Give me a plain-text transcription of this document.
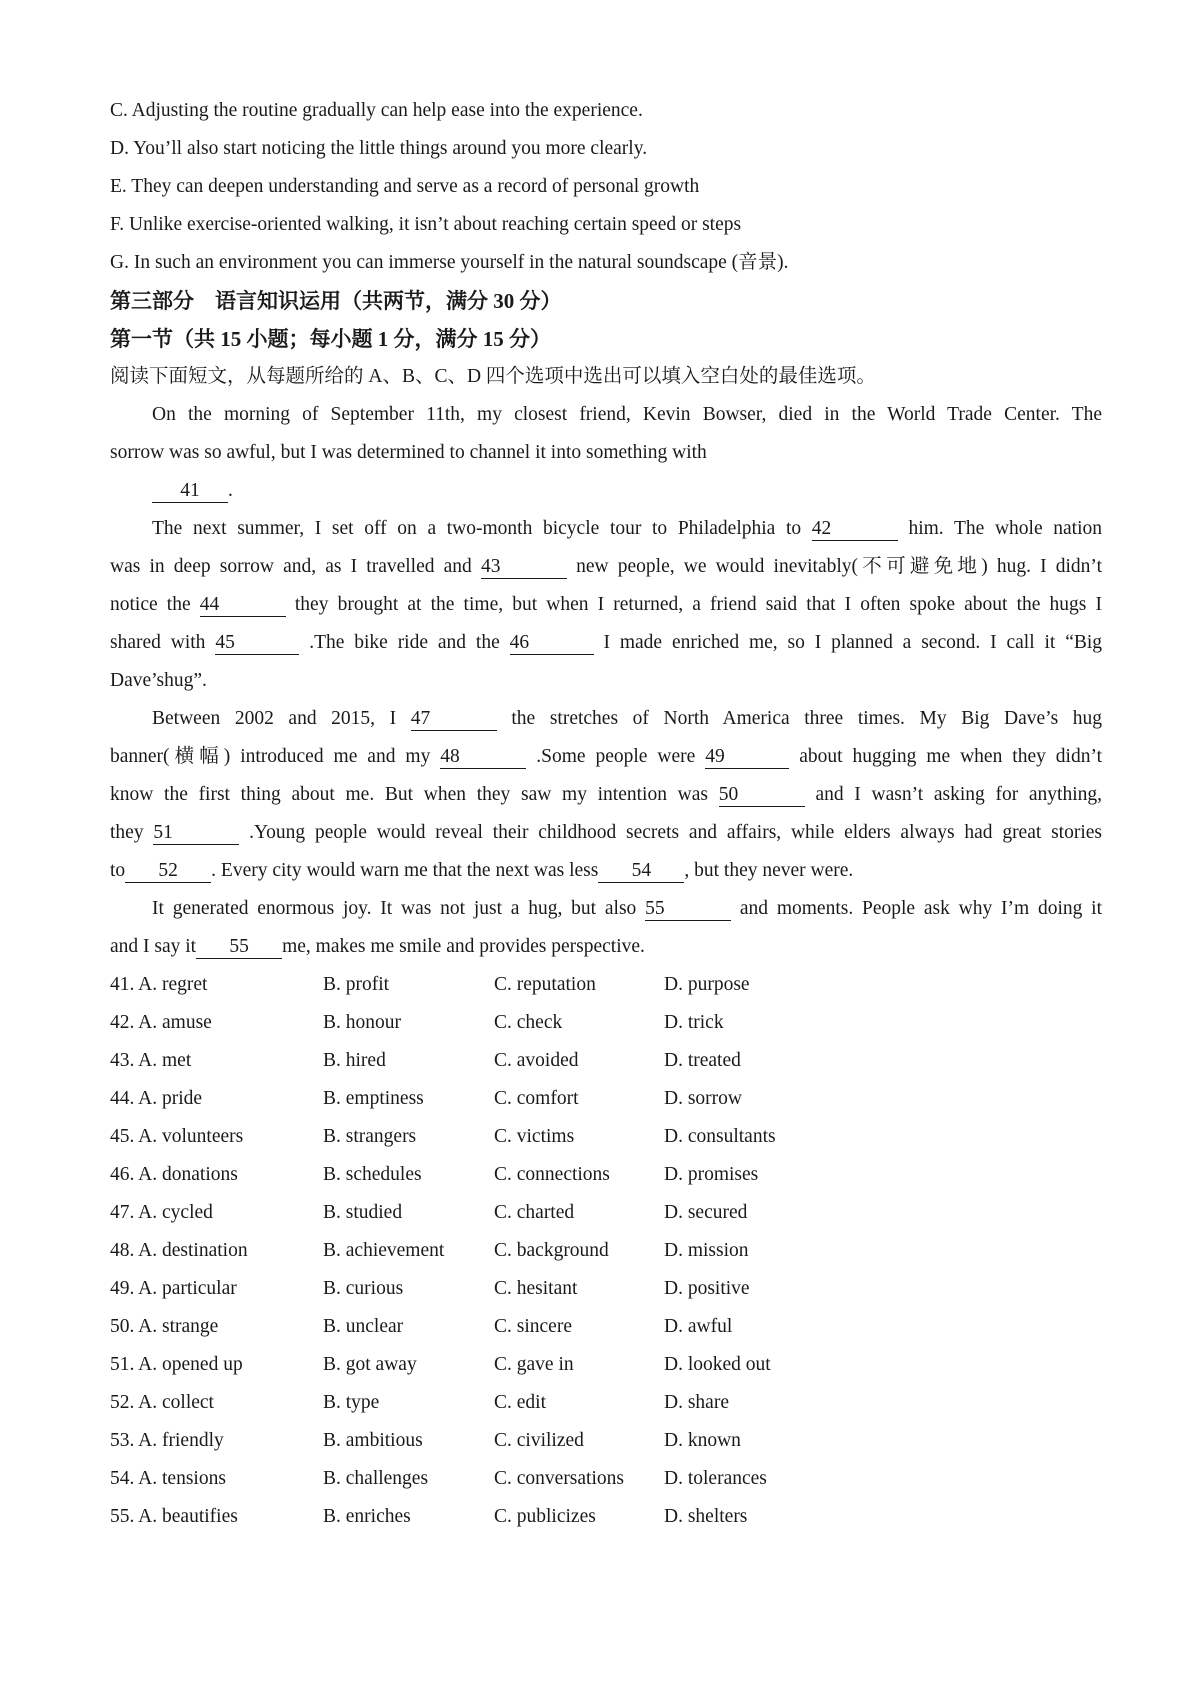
C. Adjusting the routine gradually can help ease into the experience.
D. You’ll also start noticing the little things around you more clearly.
E. They can deepen understanding and serve as a record of personal growth
F. Unlike exercise-oriented walking, it isn’t about reaching certain speed or steps
G. In such an environment you can immerse yourself in the natural soundscape (音景).
第三部分　语言知识运用（共两节，满分 30 分）
第一节（共 15 小题；每小题 1 分，满分 15 分）
阅读下面短文，从每题所给的 A、B、C、D 四个选项中选出可以填入空白处的最佳选项。
On the morning of September 11th, my closest friend, Kevin Bowser, died in the World Trade Center. The
sorrow was so awful, but I was determined to channel it into something with
41 .
The next summer, I set off on a two-month bicycle tour to Philadelphia to 42	him. The whole nation
was in deep sorrow and, as I travelled and 43	new people, we would inevitably(不可避免地) hug. I didn’t
notice the 44	they brought at the time, but when I returned, a friend said that I often spoke about the hugs I
shared with 45	.The bike ride and the 46	I made enriched me, so I planned a second. I call it “Big
Dave’shug”.
Between 2002 and 2015, I 47	the stretches of North America three times. My Big Dave’s hug
banner(横幅) introduced me and my 48	.Some people were 49	about hugging me when they didn’t
know the first thing about me. But when they saw my intention was 50	and I wasn’t asking for anything,
they 51	.Young people would reveal their childhood secrets and affairs, while elders always had great stories
to 52 . Every city would warn me that the next was less 54 , but they never were.
It generated enormous joy. It was not just a hug, but also 55	and moments. People ask why I’m doing it
and I say it 55 me, makes me smile and provides perspective.
41. A. regret	B. profit	C. reputation	D. purpose
42. A. amuse	B. honour	C. check	D. trick
43. A. met	B. hired	C. avoided	D. treated
44. A. pride	B. emptiness	C. comfort	D. sorrow
45. A. volunteers	B. strangers	C. victims	D. consultants
46. A. donations	B. schedules	C. connections	D. promises
47. A. cycled	B. studied	C. charted	D. secured
48. A. destination	B. achievement	C. background	D. mission
49. A. particular	B. curious	C. hesitant	D. positive
50. A. strange	B. unclear	C. sincere	D. awful
51. A. opened up	B. got away	C. gave in	D. looked out
52. A. collect	B. type	C. edit	D. share
53. A. friendly	B. ambitious	C. civilized	D. known
54. A. tensions	B. challenges	C. conversations D. tolerances
55. A. beautifies	B. enriches	C. publicizes	D. shelters
